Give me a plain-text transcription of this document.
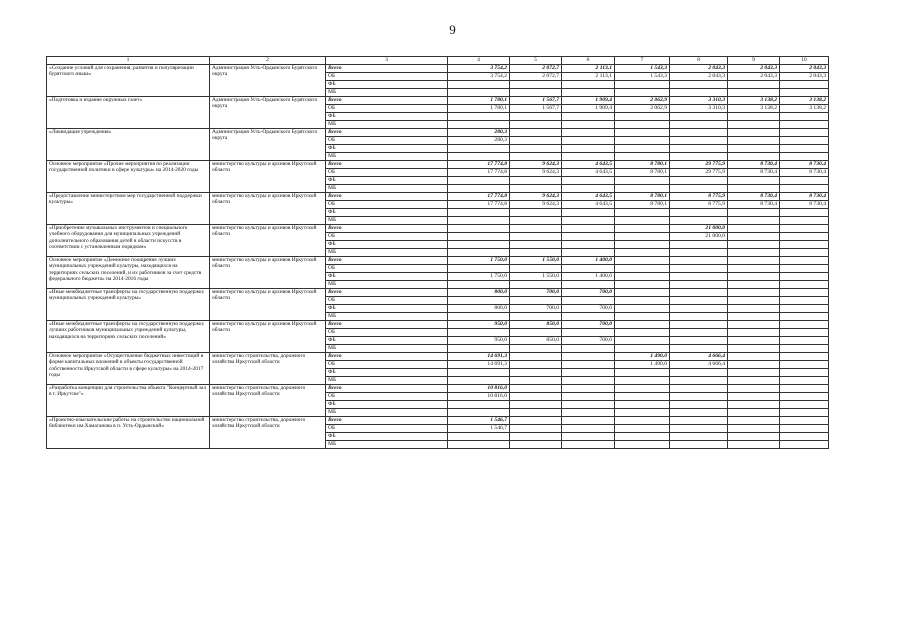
9
1	2	3	4	5	6	7	8	9	10
«Создание условий для сохранения, развития и популяризации бурятского языка»	Администрация Усть-Ордынского Бурятского округа	Всего	3 754,2	2 072,7	2 113,1	1 543,3	2 043,3	2 043,3	2 043,3
		ОБ	3 754,2	2 072,7	2 113,1	1 543,3	2 043,3	2 043,3	2 043,3
		ФБ							
		МБ							
«Подготовка и издание окружных газет»	Администрация Усть-Ордынского Бурятского округа	Всего	1 780,1	1 567,7	1 909,4	2 062,9	3 310,3	3 138,2	3 138,2
		ОБ	1 780,1	1 567,7	1 909,4	2 062,9	3 310,3	3 138,2	3 138,2
		ФБ							
		МБ							
«Ликвидация учреждения»	Администрация Усть-Ордынского Бурятского округа	Всего	280,3						
		ОБ	280,3						
		ФБ							
		МБ							
Основное мероприятие «Прочие мероприятия по реализации государственной политики в сфере культуры» на 2014-2020 годы	министерство культуры и архивов Иркутской области	Всего	17 774,8	9 624,3	4 643,5	8 780,1	29 775,9	8 730,4	8 730,4
		ОБ	17 774,8	9 624,3	4 643,5	8 780,1	29 775,9	8 730,4	8 730,4
		ФБ							
		МБ							
«Предоставление министерством мер государственной поддержки культуры»	министерство культуры и архивов Иркутской области	Всего	17 774,8	9 624,3	4 643,5	8 780,1	8 775,9	8 730,4	8 730,4
		ОБ	17 774,8	9 624,3	4 643,5	8 780,1	8 775,9	8 730,4	8 730,4
		ФБ							
		МБ							
«Приобретение музыкальных инструментов и специального учебного оборудования для муниципальных учреждений дополнительного образования детей в области искусств в соответствии с установленным порядком»	министерство культуры и архивов Иркутской области	Всего					21 000,0		
		ОБ					21 000,0		
		ФБ							
		МБ							
Основное мероприятие «Денежное поощрение лучших муниципальных учреждений культуры, находящихся на территориях сельских поселений, и их работников за счет средств федерального бюджета» на 2014-2016 годы	министерство культуры и архивов Иркутской области	Всего	1 750,0	1 550,0	1 400,0				
		ОБ							
		ФБ	1 750,0	1 550,0	1 400,0				
		МБ							
«Иные межбюджетные трансферты на государственную поддержку муниципальных учреждений культуры»	министерство культуры и архивов Иркутской области	Всего	800,0	700,0	700,0				
		ОБ							
		ФБ	800,0	700,0	700,0				
		МБ							
«Иные межбюджетные трансферты на государственную поддержку лучших работников муниципальных учреждений культуры, находящихся на территориях сельских поселений»	министерство культуры и архивов Иркутской области	Всего	950,0	850,0	700,0				
		ОБ							
		ФБ	950,0	850,0	700,0				
		МБ							
Основное мероприятие «Осуществление бюджетных инвестиций в форме капитальных вложений в объекты государственной собственности Иркутской области в сфере культуры» на 2014-2017 годы	министерство строительства, дорожного хозяйства Иркутской области	Всего	14 691,3			1 490,0	4 666,4		
		ОБ	14 691,3			1 490,0	4 666,4		
		ФБ							
		МБ							
«Разработка концепции для строительства объекта "Концертный зал в г. Иркутске"»	министерство строительства, дорожного хозяйства Иркутской области	Всего	10 816,0						
		ОБ	10 816,0						
		ФБ							
		МБ							
«Проектно-изыскательские работы на строительство национальной библиотеки им.Хамаганова в п. Усть-Ордынский»	министерство строительства, дорожного хозяйства Иркутской области	Всего	1 546,7						
		ОБ	1 546,7						
		ФБ							
		МБ							
